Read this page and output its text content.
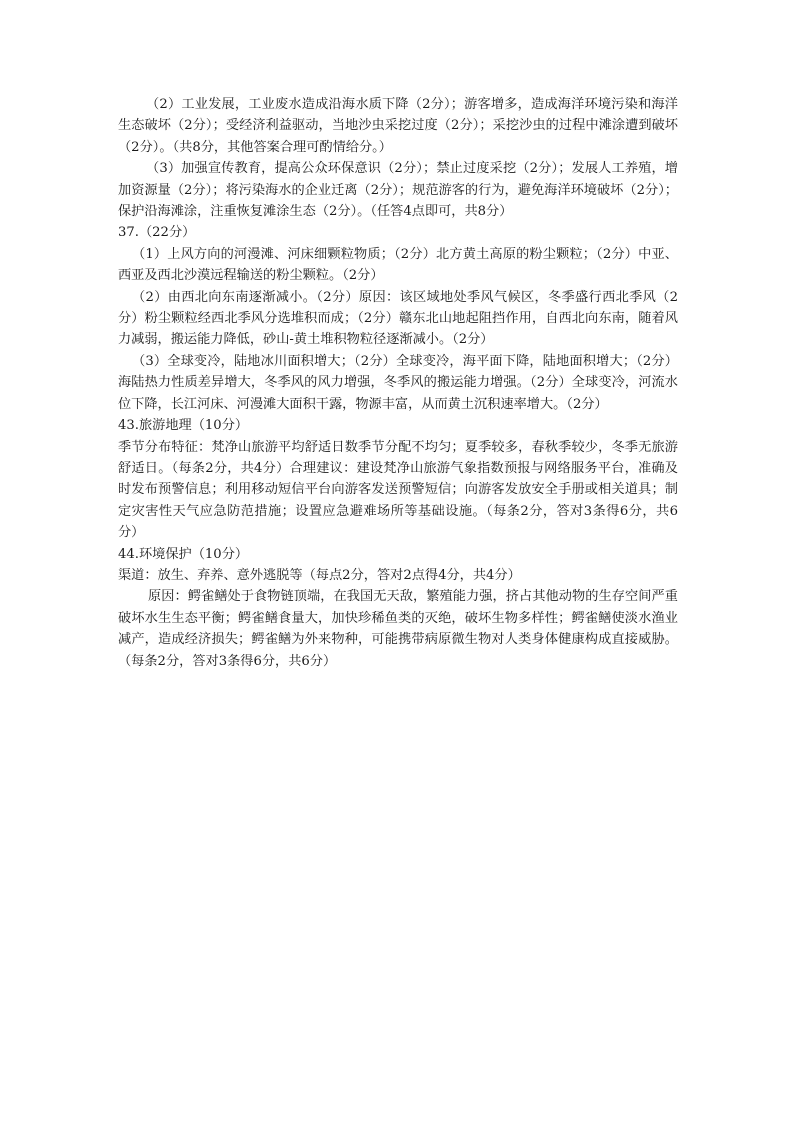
（2）工业发展，工业废水造成沿海水质下降（2分）；游客增多，造成海洋环境污染和海洋生态破坏（2分）；受经济利益驱动，当地沙虫采挖过度（2分）；采挖沙虫的过程中滩涂遭到破坏（2分）。（共8分，其他答案合理可酌情给分。）

（3）加强宣传教育，提高公众环保意识（2分）；禁止过度采挖（2分）；发展人工养殖，增加资源量（2分）；将污染海水的企业迁离（2分）；规范游客的行为，避免海洋环境破坏（2分）；保护沿海滩涂，注重恢复滩涂生态（2分）。（任答4点即可，共8分）

37.（22分）

（1）上风方向的河漫滩、河床细颗粒物质；（2分）北方黄土高原的粉尘颗粒；（2分）中亚、西亚及西北沙漠远程输送的粉尘颗粒。（2分）

（2）由西北向东南逐渐减小。（2分）原因：该区域地处季风气候区，冬季盛行西北季风（2分）粉尘颗粒经西北季风分选堆积而成；（2分）赣东北山地起阻挡作用，自西北向东南，随着风力减弱，搬运能力降低，砂山-黄土堆积物粒径逐渐减小。（2分）

（3）全球变冷，陆地冰川面积增大；（2分）全球变冷，海平面下降，陆地面积增大；（2分）海陆热力性质差异增大，冬季风的风力增强，冬季风的搬运能力增强。（2分）全球变冷，河流水位下降，长江河床、河漫滩大面积干露，物源丰富，从而黄土沉积速率增大。（2分）

43.旅游地理（10分）

季节分布特征：梵净山旅游平均舒适日数季节分配不均匀；夏季较多，春秋季较少，冬季无旅游舒适日。（每条2分，共4分）合理建议：建设梵净山旅游气象指数预报与网络服务平台，准确及时发布预警信息；利用移动短信平台向游客发送预警短信；向游客发放安全手册或相关道具；制定灾害性天气应急防范措施；设置应急避难场所等基础设施。（每条2分，答对3条得6分，共6分）

44.环境保护（10分）

渠道：放生、弃养、意外逃脱等（每点2分，答对2点得4分，共4分）

原因：鳄雀鳝处于食物链顶端，在我国无天敌，繁殖能力强，挤占其他动物的生存空间严重破坏水生生态平衡；鳄雀鳝食量大，加快珍稀鱼类的灭绝，破坏生物多样性；鳄雀鳝使淡水渔业减产，造成经济损失；鳄雀鳝为外来物种，可能携带病原微生物对人类身体健康构成直接威胁。（每条2分，答对3条得6分，共6分）
